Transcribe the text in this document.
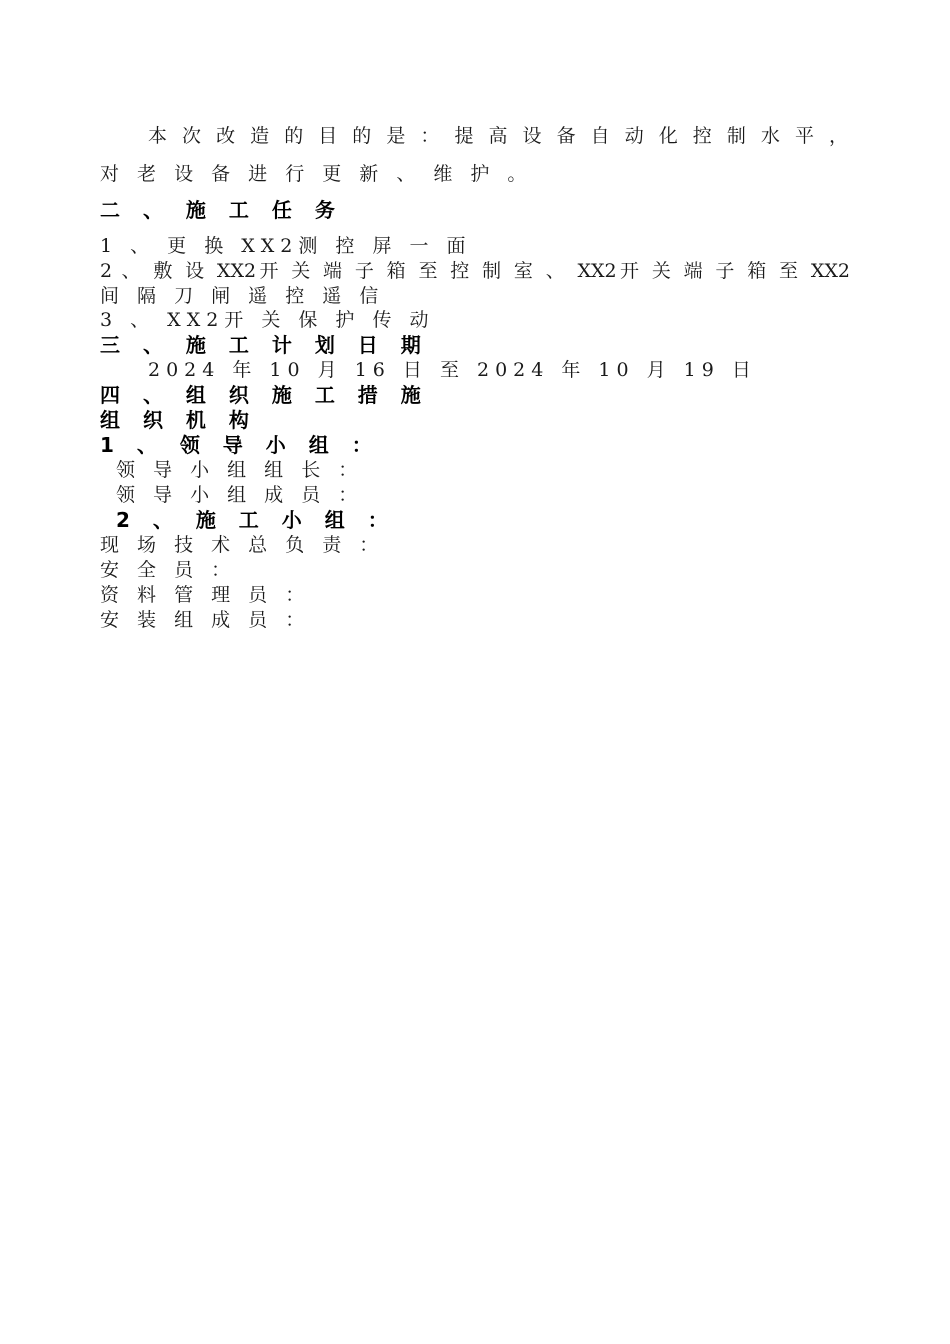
本 次 改 造 的 目 的 是 ： 提 高 设 备 自 动 化 控 制 水 平 ，
对 老 设 备 进 行 更 新 、 维 护 。
二 、 施 工 任 务
1 、 更 换 XX2测 控 屏 一 面
2 、 敷 设 XX2开 关 端 子 箱 至 控 制 室 、 XX2开 关 端 子 箱 至 XX2
间 隔 刀 闸 遥 控 遥 信
3 、 XX2开 关 保 护 传 动
三 、 施 工 计 划 日 期
2024 年 10 月 16 日 至 2024 年 10 月 19 日
四 、 组 织 施 工 措 施
组 织 机 构
1 、 领 导 小 组 ：
领 导 小 组 组 长 ：
领 导 小 组 成 员 ：
2 、 施 工 小 组 ：
现 场 技 术 总 负 责 ：
安 全 员 ：
资 料 管 理 员 ：
安 装 组 成 员 ：
